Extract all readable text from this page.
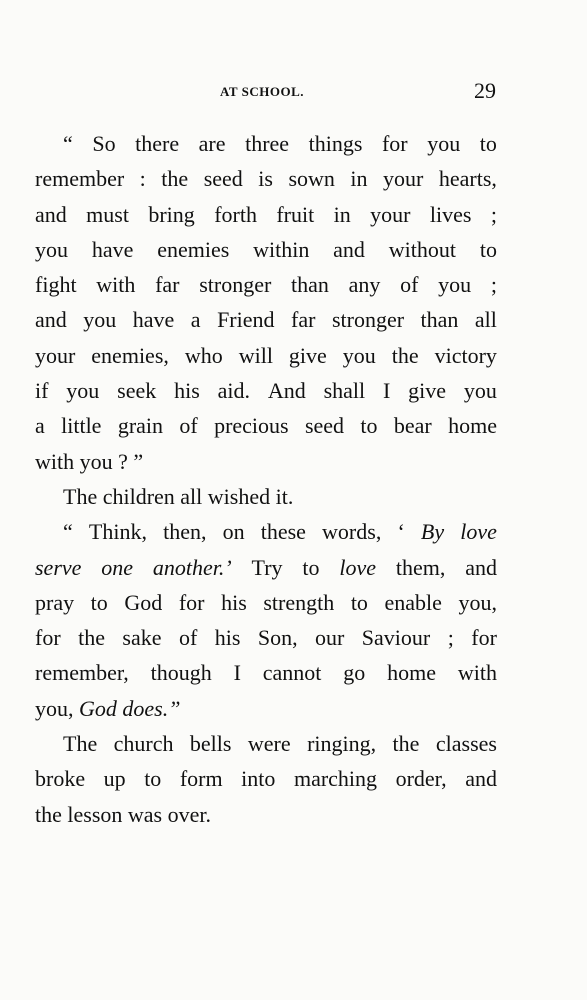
AT SCHOOL.	29
“ So there are three things for you to
remember : the seed is sown in your hearts,
and must bring forth fruit in your lives ;
you have enemies within and without to
fight with far stronger than any of you ;
and you have a Friend far stronger than all
your enemies, who will give you the victory
if you seek his aid. And shall I give you
a little grain of precious seed to bear home
with
you
?
”
The
children
all
wished
it.
“ Think, then, on these words, ‘ By love
serve one another.’ Try to love them, and
pray to God for his strength to enable you,
for the sake of his Son, our Saviour ; for
remember, though I cannot go home with
you,
God
does.”
The church bells were ringing, the classes
broke up to form into marching order, and
the
lesson
was
over.
